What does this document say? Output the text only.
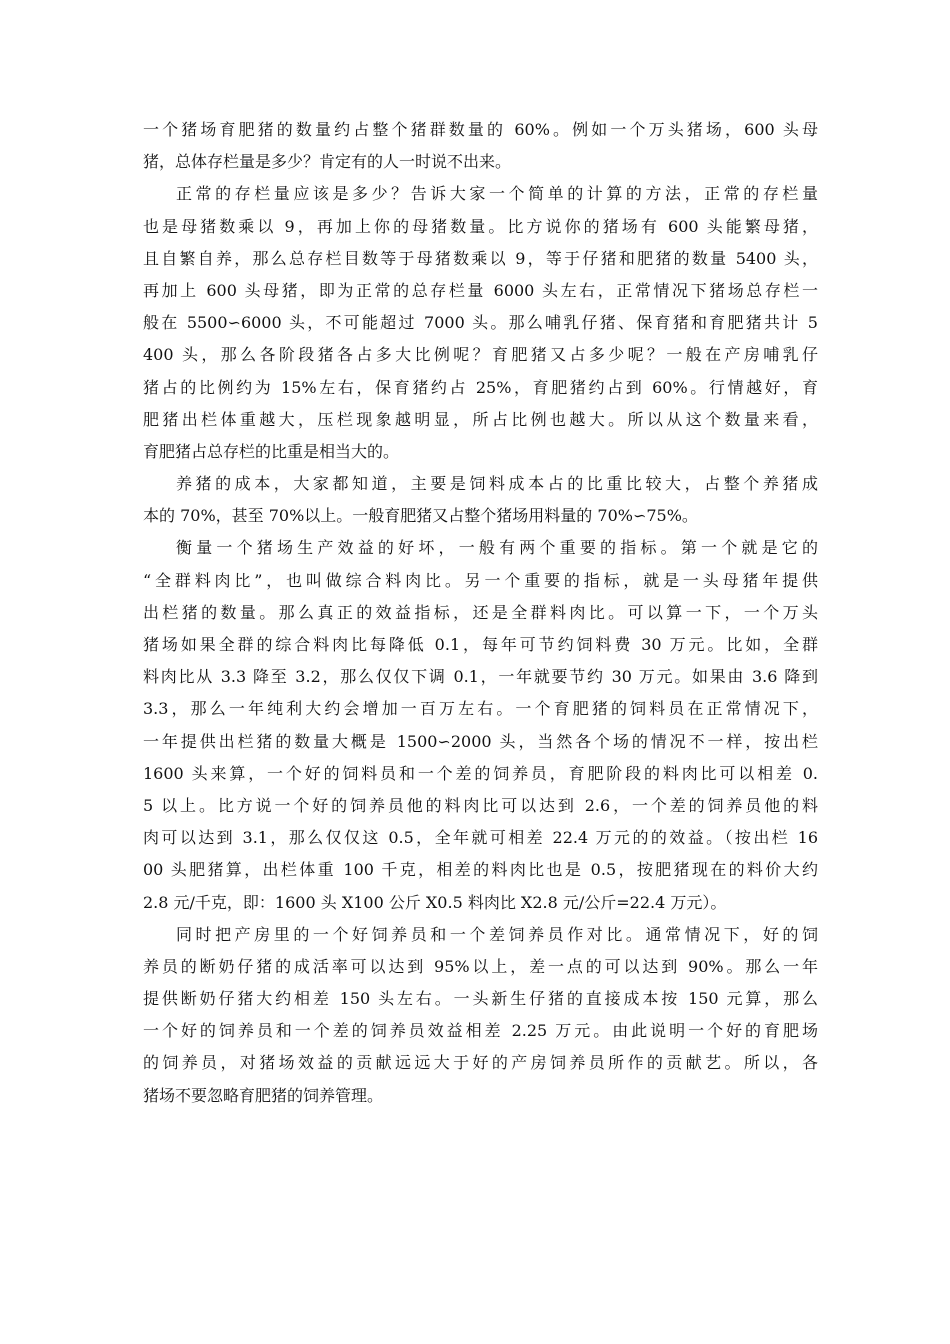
一个猪场育肥猪的数量约占整个猪群数量的 60%。例如一个万头猪场，600 头母
猪，总体存栏量是多少？肯定有的人一时说不出来。
正常的存栏量应该是多少？告诉大家一个简单的计算的方法，正常的存栏量
也是母猪数乘以 9，再加上你的母猪数量。比方说你的猪场有 600 头能繁母猪，
且自繁自养，那么总存栏目数等于母猪数乘以 9，等于仔猪和肥猪的数量 5400 头，
再加上 600 头母猪，即为正常的总存栏量 6000 头左右，正常情况下猪场总存栏一
般在 5500∽6000 头，不可能超过 7000 头。那么哺乳仔猪、保育猪和育肥猪共计 5
400 头，那么各阶段猪各占多大比例呢？育肥猪又占多少呢？一般在产房哺乳仔
猪占的比例约为 15%左右，保育猪约占 25%，育肥猪约占到 60%。行情越好，育
肥猪出栏体重越大，压栏现象越明显，所占比例也越大。所以从这个数量来看，
育肥猪占总存栏的比重是相当大的。
养猪的成本，大家都知道，主要是饲料成本占的比重比较大，占整个养猪成
本的 70%，甚至 70%以上。一般育肥猪又占整个猪场用料量的 70%∽75%。
衡量一个猪场生产效益的好坏，一般有两个重要的指标。第一个就是它的
“全群料肉比”，也叫做综合料肉比。另一个重要的指标，就是一头母猪年提供
出栏猪的数量。那么真正的效益指标，还是全群料肉比。可以算一下，一个万头
猪场如果全群的综合料肉比每降低 0.1，每年可节约饲料费 30 万元。比如，全群
料肉比从 3.3 降至 3.2，那么仅仅下调 0.1，一年就要节约 30 万元。如果由 3.6 降到
3.3，那么一年纯利大约会增加一百万左右。一个育肥猪的饲料员在正常情况下，
一年提供出栏猪的数量大概是 1500∽2000 头，当然各个场的情况不一样，按出栏
1600 头来算，一个好的饲料员和一个差的饲养员，育肥阶段的料肉比可以相差 0.
5 以上。比方说一个好的饲养员他的料肉比可以达到 2.6，一个差的饲养员他的料
肉可以达到 3.1，那么仅仅这 0.5，全年就可相差 22.4 万元的的效益。（按出栏 16
00 头肥猪算，出栏体重 100 千克，相差的料肉比也是 0.5，按肥猪现在的料价大约
2.8 元/千克，即：1600 头 X100 公斤 X0.5 料肉比 X2.8 元/公斤=22.4 万元）。
同时把产房里的一个好饲养员和一个差饲养员作对比。通常情况下，好的饲
养员的断奶仔猪的成活率可以达到 95%以上，差一点的可以达到 90%。那么一年
提供断奶仔猪大约相差 150 头左右。一头新生仔猪的直接成本按 150 元算，那么
一个好的饲养员和一个差的饲养员效益相差 2.25 万元。由此说明一个好的育肥场
的饲养员，对猪场效益的贡献远远大于好的产房饲养员所作的贡献艺。所以，各
猪场不要忽略育肥猪的饲养管理。
